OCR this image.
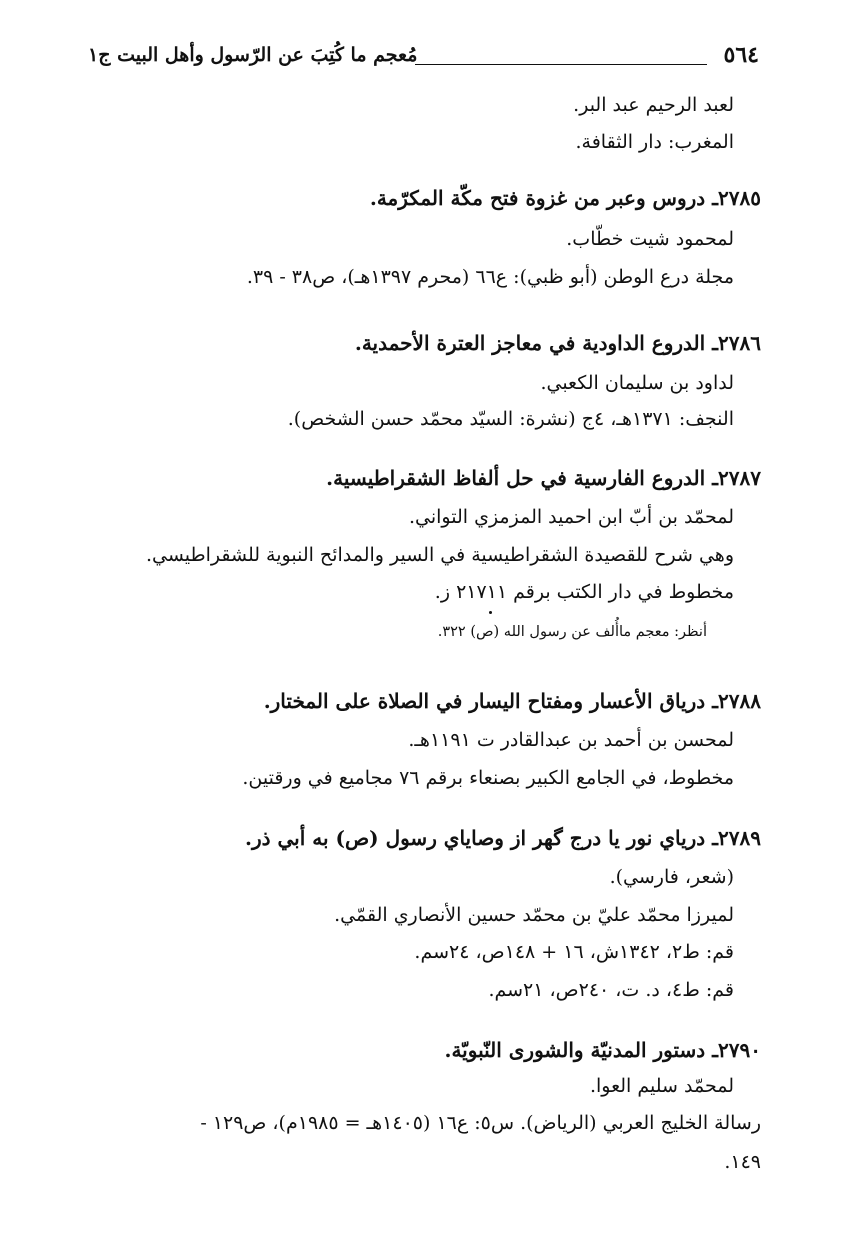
٥٦٤
مُعجم ما كُتِبَ عن الرّسول وأهل البيت ج١
لعبد الرحيم عبد البر.
المغرب: دار الثقافة.
٢٧٨٥ـ دروس وعبر من غزوة فتح مكّة المكرّمة.
لمحمود شيت خطّاب.
مجلة درع الوطن (أبو ظبي): ع٦٦ (محرم ١٣٩٧هـ)، ص٣٨ - ٣٩.
٢٧٨٦ـ الدروع الداودية في معاجز العترة الأحمدية.
لداود بن سليمان الكعبي.
النجف: ١٣٧١هـ، ٤ج (نشرة: السيّد محمّد حسن الشخص).
٢٧٨٧ـ الدروع الفارسية في حل ألفاظ الشقراطيسية.
لمحمّد بن أبّ ابن احميد المزمزي التواني.
وهي شرح للقصيدة الشقراطيسية في السير والمدائح النبوية للشقراطيسي.
مخطوط في دار الكتب برقم ٢١٧١١ ز.
أنظر: معجم ماأُلف عن رسول الله (ص) ٣٢٢.
٢٧٨٨ـ درياق الأعسار ومفتاح اليسار في الصلاة على المختار.
لمحسن بن أحمد بن عبدالقادر ت ١١٩١هـ.
مخطوط، في الجامع الكبير بصنعاء برقم ٧٦ مجاميع في ورقتين.
٢٧٨٩ـ درياي نور يا درج گهر از وصاياي رسول (ص) به أبي ذر.
(شعر، فارسي).
لميرزا محمّد عليّ بن محمّد حسين الأنصاري القمّي.
قم: ط٢، ١٣٤٢ش، ١٦ + ١٤٨ص، ٢٤سم.
قم: ط٤، د. ت، ٢٤٠ص، ٢١سم.
٢٧٩٠ـ دستور المدنيّة والشورى النّبويّة.
لمحمّد سليم العوا.
رسالة الخليج العربي (الرياض). س٥: ع١٦ (١٤٠٥هـ = ١٩٨٥م)، ص١٢٩ -
١٤٩.
